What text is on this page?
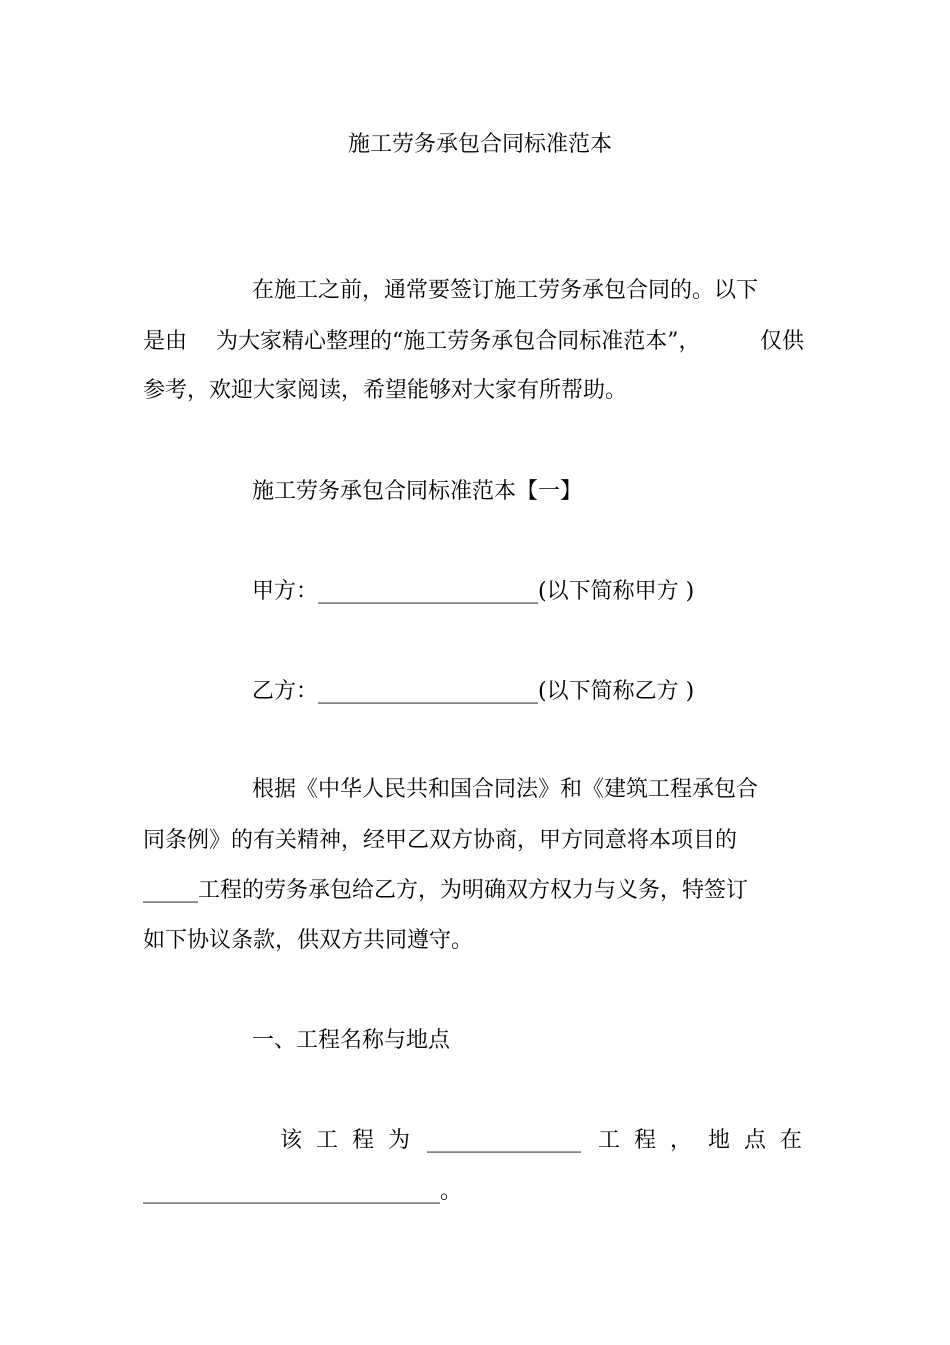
施工劳务承包合同标准范本
在施工之前，通常要签订施工劳务承包合同的。以下
是由 为大家精心整理的“施工劳务承包合同标准范本”，	仅供
参考，欢迎大家阅读，希望能够对大家有所帮助。
施工劳务承包合同标准范本【一】
甲方：____________________(以下简称甲方 )
乙方：____________________(以下简称乙方 )
根据《中华人民共和国合同法》和《建筑工程承包合
同条例》的有关精神，经甲乙双方协商，甲方同意将本项目的
_____工程的劳务承包给乙方，为明确双方权力与义务，特签订
如下协议条款，供双方共同遵守。
一、工程名称与地点
该工程为 ______________ 工程， 地点在
___________________________。
